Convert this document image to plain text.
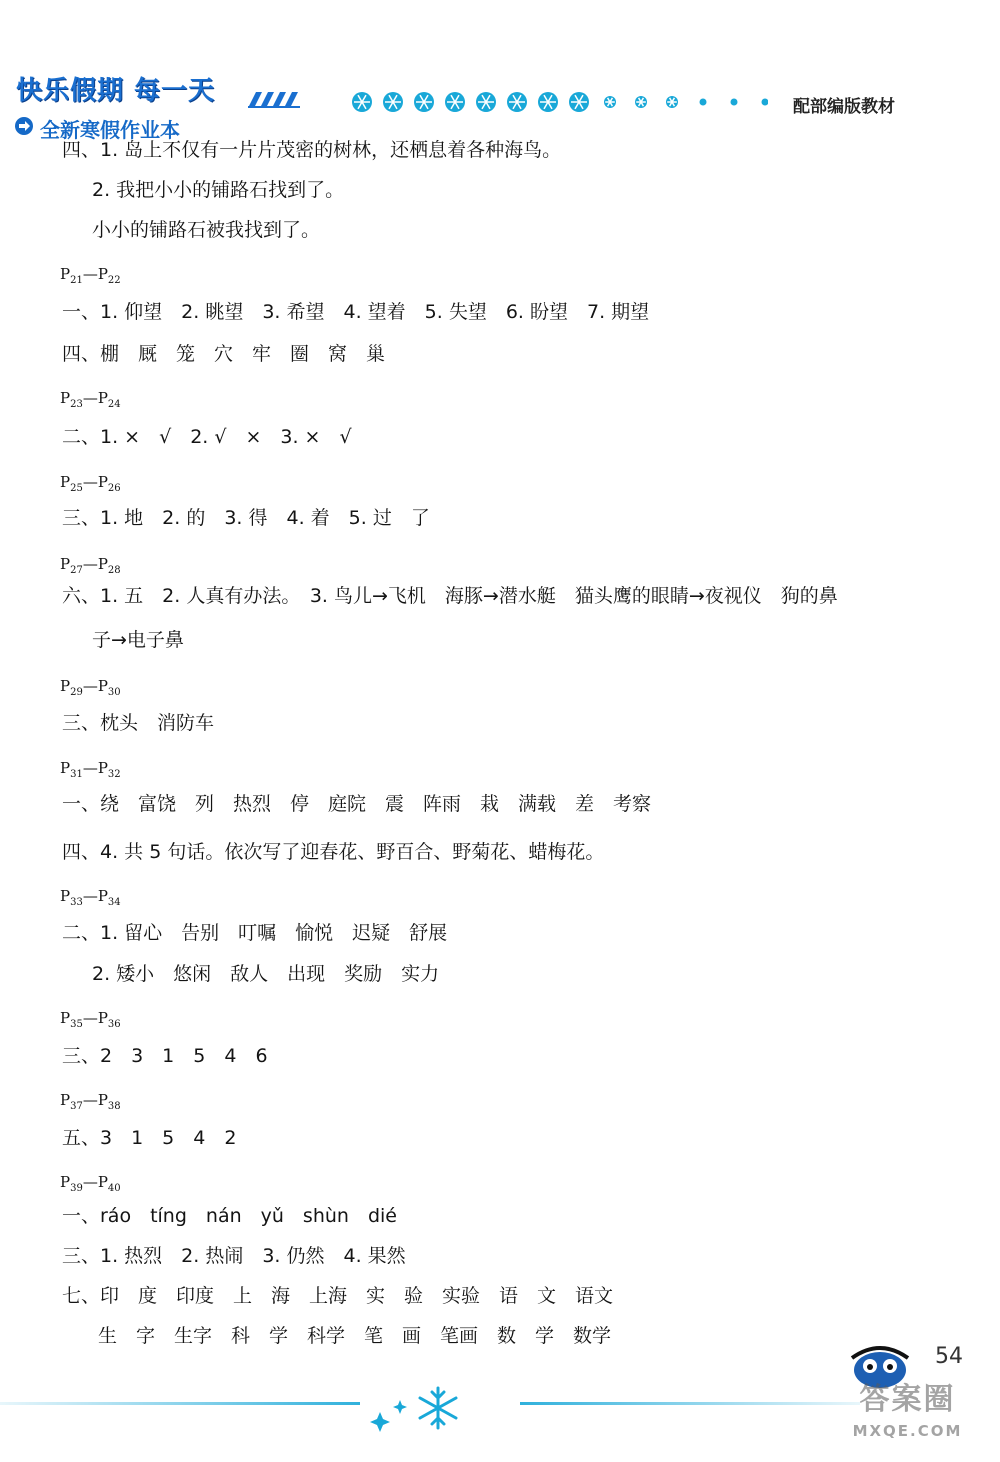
快乐假期 每一天
全新寒假作业本
配部编版教材
四、1. 岛上不仅有一片片茂密的树林，还栖息着各种海鸟。
2. 我把小小的铺路石找到了。
小小的铺路石被我找到了。
$P_{21}—P_{22}$
一、1. 仰望　2. 眺望　3. 希望　4. 望着　5. 失望　6. 盼望　7. 期望
四、棚　厩　笼　穴　牢　圈　窝　巢
$P_{23}—P_{24}$
二、1. ×　√　2. √　×　3. ×　√
$P_{25}—P_{26}$
三、1. 地　2. 的　3. 得　4. 着　5. 过　了
$P_{27}—P_{28}$
六、1. 五　2. 人真有办法。　3. 鸟儿→飞机　海豚→潜水艇　猫头鹰的眼睛→夜视仪　狗的鼻
子→电子鼻
$P_{29}—P_{30}$
三、枕头　消防车
$P_{31}—P_{32}$
一、绕　富饶　列　热烈　停　庭院　震　阵雨　栽　满载　差　考察
四、4. 共 5 句话。依次写了迎春花、野百合、野菊花、蜡梅花。
$P_{33}—P_{34}$
二、1. 留心　告别　叮嘱　愉悦　迟疑　舒展
2. 矮小　悠闲　敌人　出现　奖励　实力
$P_{35}—P_{36}$
三、2　3　1　5　4　6
$P_{37}—P_{38}$
五、3　1　5　4　2
$P_{39}—P_{40}$
一、ráo　tíng　nán　yǔ　shùn　dié
三、1. 热烈　2. 热闹　3. 仍然　4. 果然
七、印　度　印度　上　海　上海　实　验　实验　语　文　语文
生　字　生字　科　学　科学　笔　画　笔画　数　学　数学
54
答案圈
MXQE.COM
